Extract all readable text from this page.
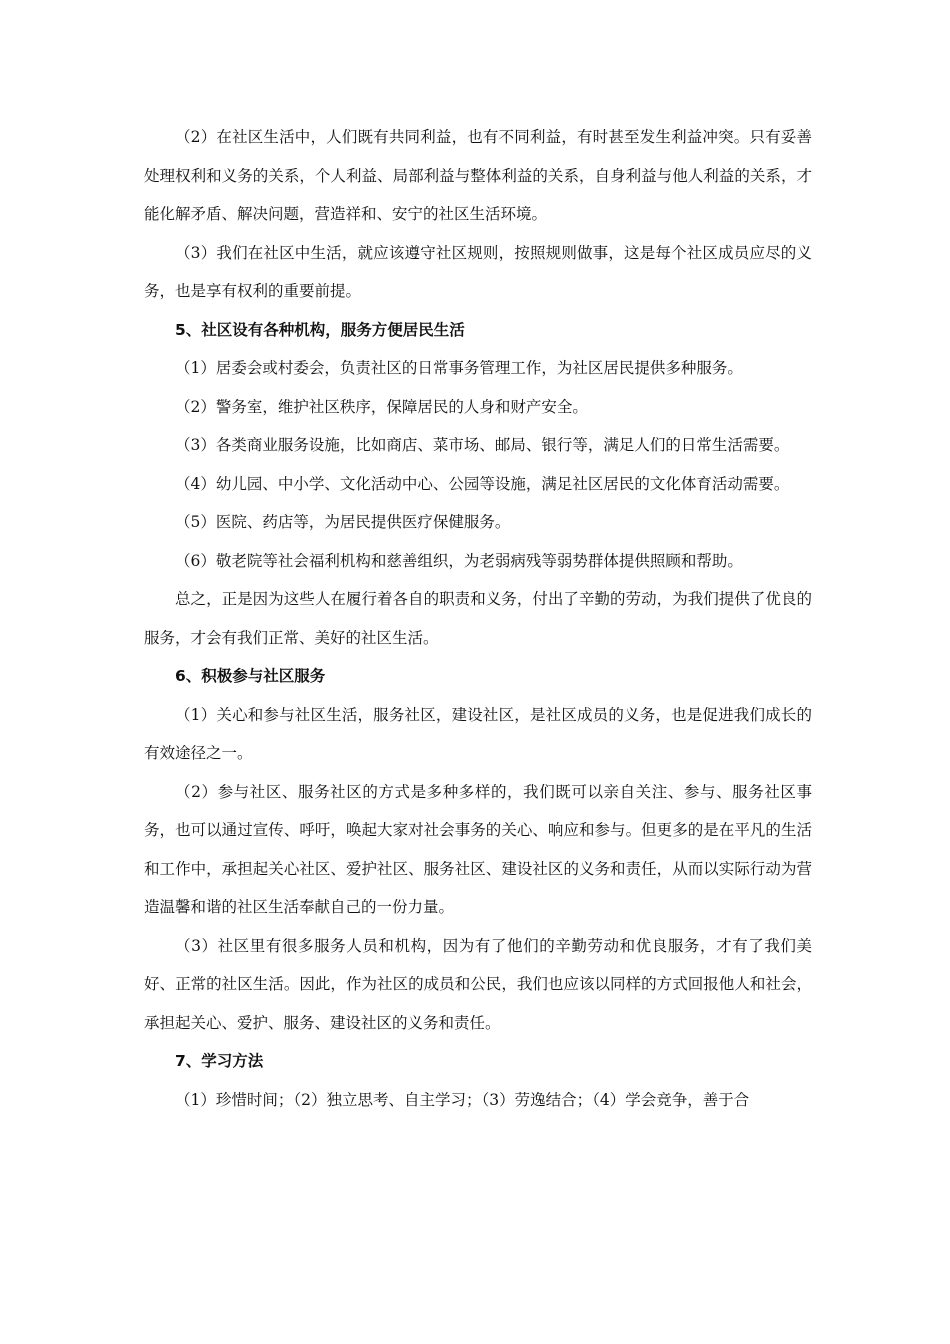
（2）在社区生活中，人们既有共同利益，也有不同利益，有时甚至发生利益冲突。只有妥善处理权利和义务的关系，个人利益、局部利益与整体利益的关系，自身利益与他人利益的关系，才能化解矛盾、解决问题，营造祥和、安宁的社区生活环境。

（3）我们在社区中生活，就应该遵守社区规则，按照规则做事，这是每个社区成员应尽的义务，也是享有权利的重要前提。

5、社区设有各种机构，服务方便居民生活

（1）居委会或村委会，负责社区的日常事务管理工作，为社区居民提供多种服务。

（2）警务室，维护社区秩序，保障居民的人身和财产安全。

（3）各类商业服务设施，比如商店、菜市场、邮局、银行等，满足人们的日常生活需要。

（4）幼儿园、中小学、文化活动中心、公园等设施，满足社区居民的文化体育活动需要。

（5）医院、药店等，为居民提供医疗保健服务。

（6）敬老院等社会福利机构和慈善组织，为老弱病残等弱势群体提供照顾和帮助。

总之，正是因为这些人在履行着各自的职责和义务，付出了辛勤的劳动，为我们提供了优良的服务，才会有我们正常、美好的社区生活。

6、积极参与社区服务

（1）关心和参与社区生活，服务社区，建设社区，是社区成员的义务，也是促进我们成长的有效途径之一。

（2）参与社区、服务社区的方式是多种多样的，我们既可以亲自关注、参与、服务社区事务，也可以通过宣传、呼吁，唤起大家对社会事务的关心、响应和参与。但更多的是在平凡的生活和工作中，承担起关心社区、爱护社区、服务社区、建设社区的义务和责任，从而以实际行动为营造温馨和谐的社区生活奉献自己的一份力量。

（3）社区里有很多服务人员和机构，因为有了他们的辛勤劳动和优良服务，才有了我们美好、正常的社区生活。因此，作为社区的成员和公民，我们也应该以同样的方式回报他人和社会，承担起关心、爱护、服务、建设社区的义务和责任。

7、学习方法

（1）珍惜时间；（2）独立思考、自主学习；（3）劳逸结合；（4）学会竞争，善于合
